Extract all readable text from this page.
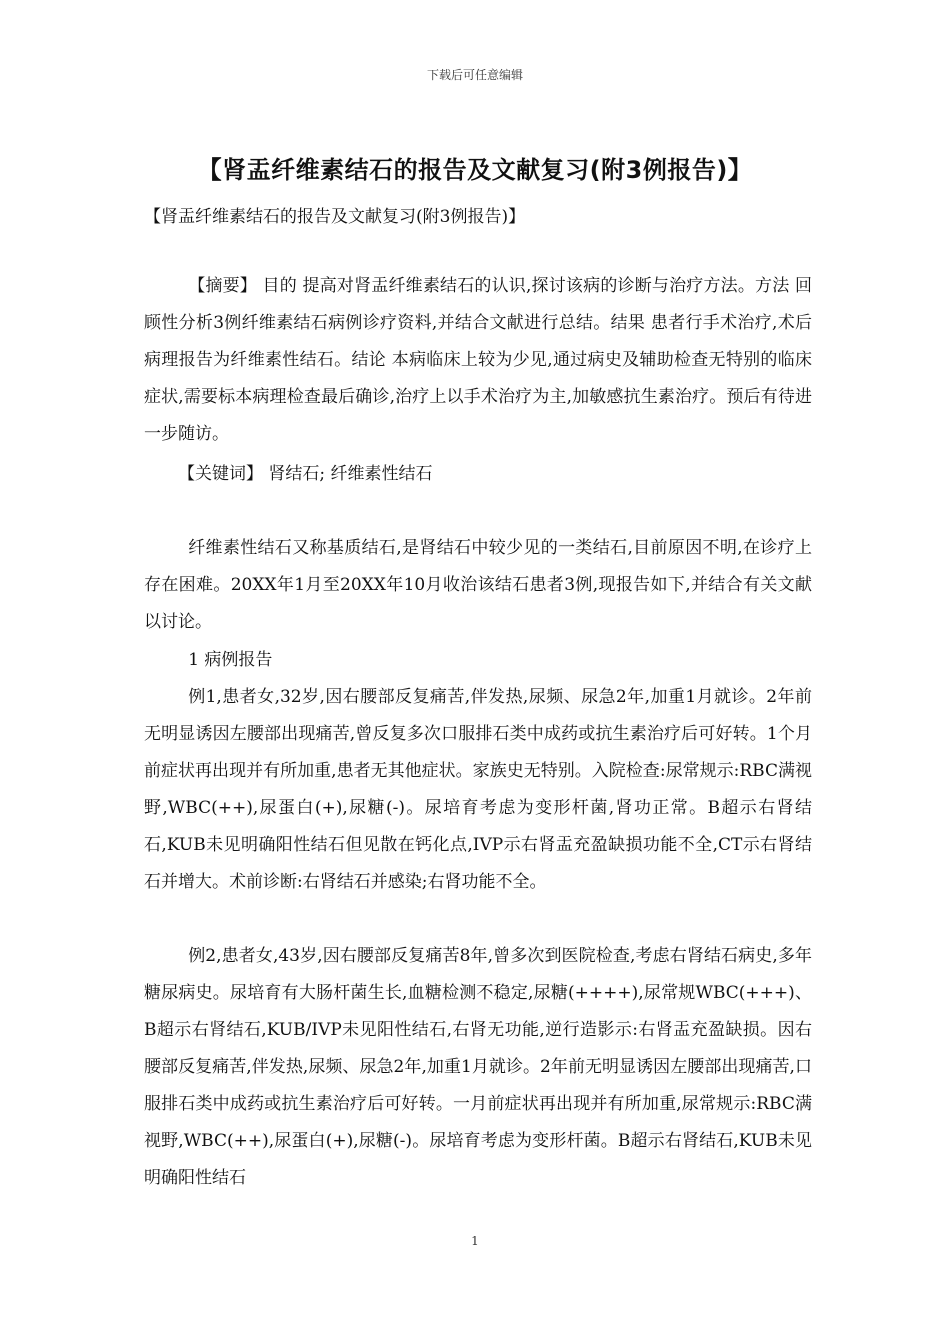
下载后可任意编辑
【肾盂纤维素结石的报告及文献复习(附3例报告)】
【肾盂纤维素结石的报告及文献复习(附3例报告)】

【摘要】 目的 提高对肾盂纤维素结石的认识,探讨该病的诊断与治疗方法。方法 回顾性分析3例纤维素结石病例诊疗资料,并结合文献进行总结。结果 患者行手术治疗,术后病理报告为纤维素性结石。结论 本病临床上较为少见,通过病史及辅助检查无特别的临床症状,需要标本病理检查最后确诊,治疗上以手术治疗为主,加敏感抗生素治疗。预后有待进一步随访。

【关键词】 肾结石; 纤维素性结石

纤维素性结石又称基质结石,是肾结石中较少见的一类结石,目前原因不明,在诊疗上存在困难。20XX年1月至20XX年10月收治该结石患者3例,现报告如下,并结合有关文献以讨论。

1 病例报告

例1,患者女,32岁,因右腰部反复痛苦,伴发热,尿频、尿急2年,加重1月就诊。2年前无明显诱因左腰部出现痛苦,曾反复多次口服排石类中成药或抗生素治疗后可好转。1个月前症状再出现并有所加重,患者无其他症状。家族史无特别。入院检查:尿常规示:RBC满视野,WBC(++),尿蛋白(+),尿糖(-)。尿培育考虑为变形杆菌,肾功正常。B超示右肾结石,KUB未见明确阳性结石但见散在钙化点,IVP示右肾盂充盈缺损功能不全,CT示右肾结石并增大。术前诊断:右肾结石并感染;右肾功能不全。

例2,患者女,43岁,因右腰部反复痛苦8年,曾多次到医院检查,考虑右肾结石病史,多年糖尿病史。尿培育有大肠杆菌生长,血糖检测不稳定,尿糖(++++),尿常规WBC(+++)、 B超示右肾结石,KUB/IVP未见阳性结石,右肾无功能,逆行造影示:右肾盂充盈缺损。因右腰部反复痛苦,伴发热,尿频、尿急2年,加重1月就诊。2年前无明显诱因左腰部出现痛苦,口服排石类中成药或抗生素治疗后可好转。一月前症状再出现并有所加重,尿常规示:RBC满视野,WBC(++),尿蛋白(+),尿糖(-)。尿培育考虑为变形杆菌。B超示右肾结石,KUB未见明确阳性结石

1
